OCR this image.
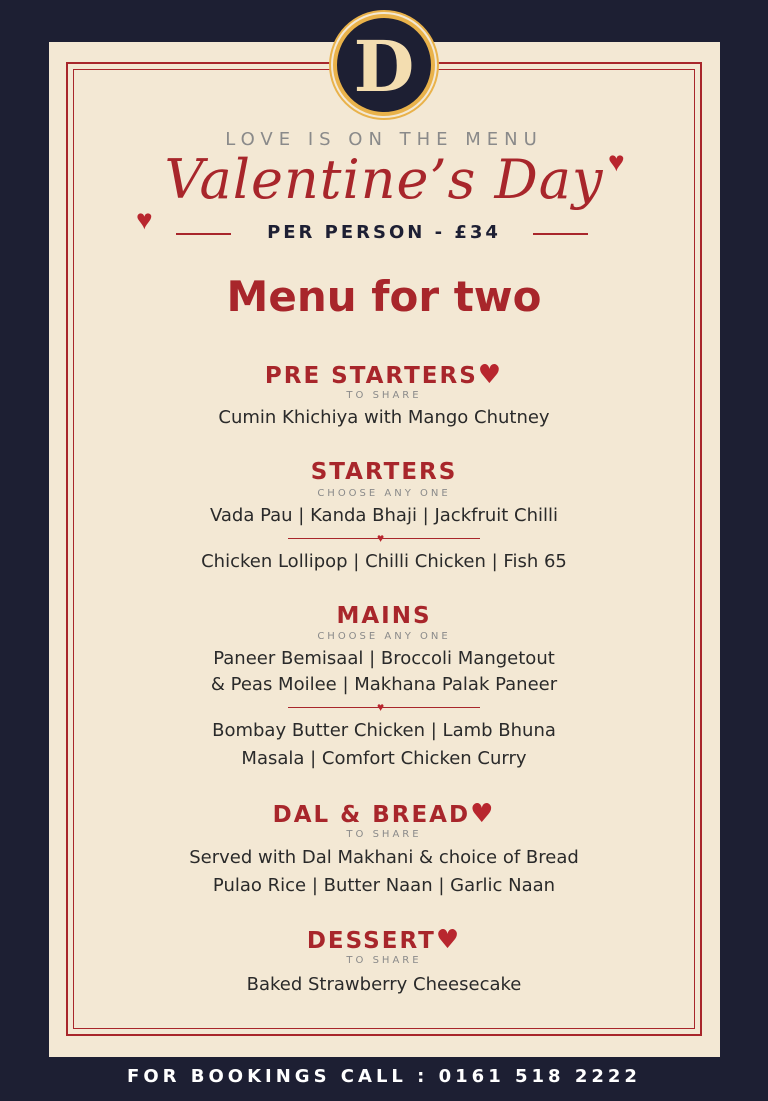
D
LOVE IS ON THE MENU
Valentine’s Day
♥
♥
PER PERSON - £34
Menu for two
PRE STARTERS♥
TO SHARE
Cumin Khichiya with Mango Chutney
STARTERS
CHOOSE ANY ONE
Vada Pau | Kanda Bhaji | Jackfruit Chilli
♥
Chicken Lollipop | Chilli Chicken | Fish 65
MAINS
CHOOSE ANY ONE
Paneer Bemisaal | Broccoli Mangetout
& Peas Moilee | Makhana Palak Paneer
♥
Bombay Butter Chicken | Lamb Bhuna
Masala | Comfort Chicken Curry
DAL & BREAD♥
TO SHARE
Served with Dal Makhani & choice of Bread
Pulao Rice | Butter Naan | Garlic Naan
DESSERT♥
TO SHARE
Baked Strawberry Cheesecake
FOR BOOKINGS CALL : 0161 518 2222
